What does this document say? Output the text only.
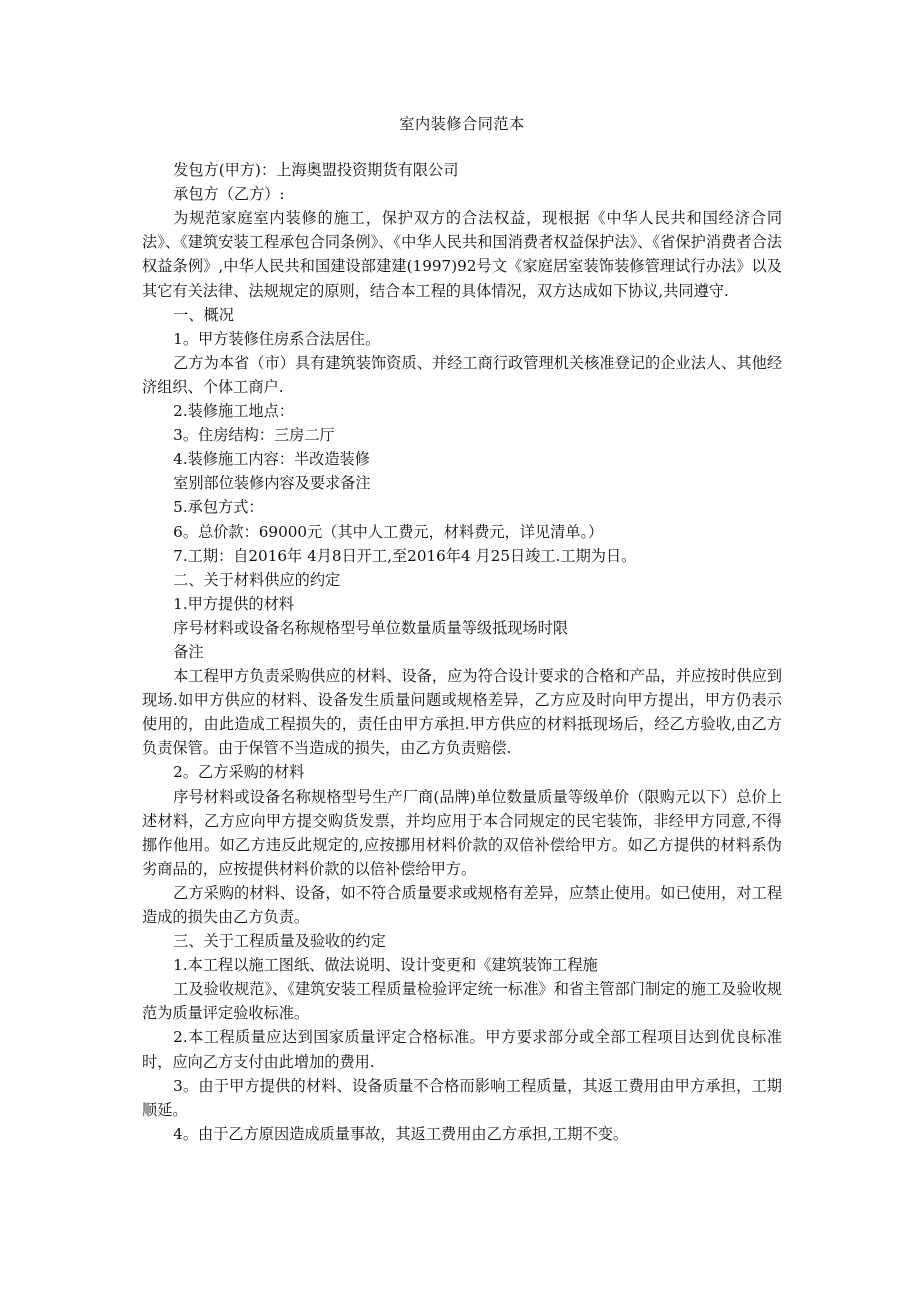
室内装修合同范本

发包方(甲方)：上海奥盟投资期货有限公司

承包方（乙方）:

为规范家庭室内装修的施工，保护双方的合法权益，现根据《中华人民共和国经济合同法》、《建筑安装工程承包合同条例》、《中华人民共和国消费者权益保护法》、《省保护消费者合法权益条例》,中华人民共和国建设部建建(1997)92号文《家庭居室装饰装修管理试行办法》以及其它有关法律、法规规定的原则，结合本工程的具体情况，双方达成如下协议,共同遵守.

一、概况

1。甲方装修住房系合法居住。

乙方为本省（市）具有建筑装饰资质、并经工商行政管理机关核准登记的企业法人、其他经济组织、个体工商户.

2.装修施工地点：

3。住房结构：三房二厅

4.装修施工内容：半改造装修

室别部位装修内容及要求备注

5.承包方式：

6。总价款：69000元（其中人工费元，材料费元，详见清单。）

7.工期：自2016年 4月8日开工,至2016年4 月25日竣工.工期为日。

二、关于材料供应的约定

1.甲方提供的材料

序号材料或设备名称规格型号单位数量质量等级抵现场时限

备注

本工程甲方负责采购供应的材料、设备，应为符合设计要求的合格和产品，并应按时供应到现场.如甲方供应的材料、设备发生质量问题或规格差异，乙方应及时向甲方提出，甲方仍表示使用的，由此造成工程损失的，责任由甲方承担.甲方供应的材料抵现场后，经乙方验收,由乙方负责保管。由于保管不当造成的损失，由乙方负责赔偿.

2。乙方采购的材料

序号材料或设备名称规格型号生产厂商(品牌)单位数量质量等级单价（限购元以下）总价上述材料，乙方应向甲方提交购货发票，并均应用于本合同规定的民宅装饰，非经甲方同意,不得挪作他用。如乙方违反此规定的,应按挪用材料价款的双倍补偿给甲方。如乙方提供的材料系伪劣商品的，应按提供材料价款的以倍补偿给甲方。

乙方采购的材料、设备，如不符合质量要求或规格有差异，应禁止使用。如已使用，对工程造成的损失由乙方负责。

三、关于工程质量及验收的约定

1.本工程以施工图纸、做法说明、设计变更和《建筑装饰工程施

工及验收规范》、《建筑安装工程质量检验评定统一标准》和省主管部门制定的施工及验收规范为质量评定验收标准。

2.本工程质量应达到国家质量评定合格标准。甲方要求部分或全部工程项目达到优良标准时，应向乙方支付由此增加的费用.

3。由于甲方提供的材料、设备质量不合格而影响工程质量，其返工费用由甲方承担，工期顺延。

4。由于乙方原因造成质量事故，其返工费用由乙方承担,工期不变。
